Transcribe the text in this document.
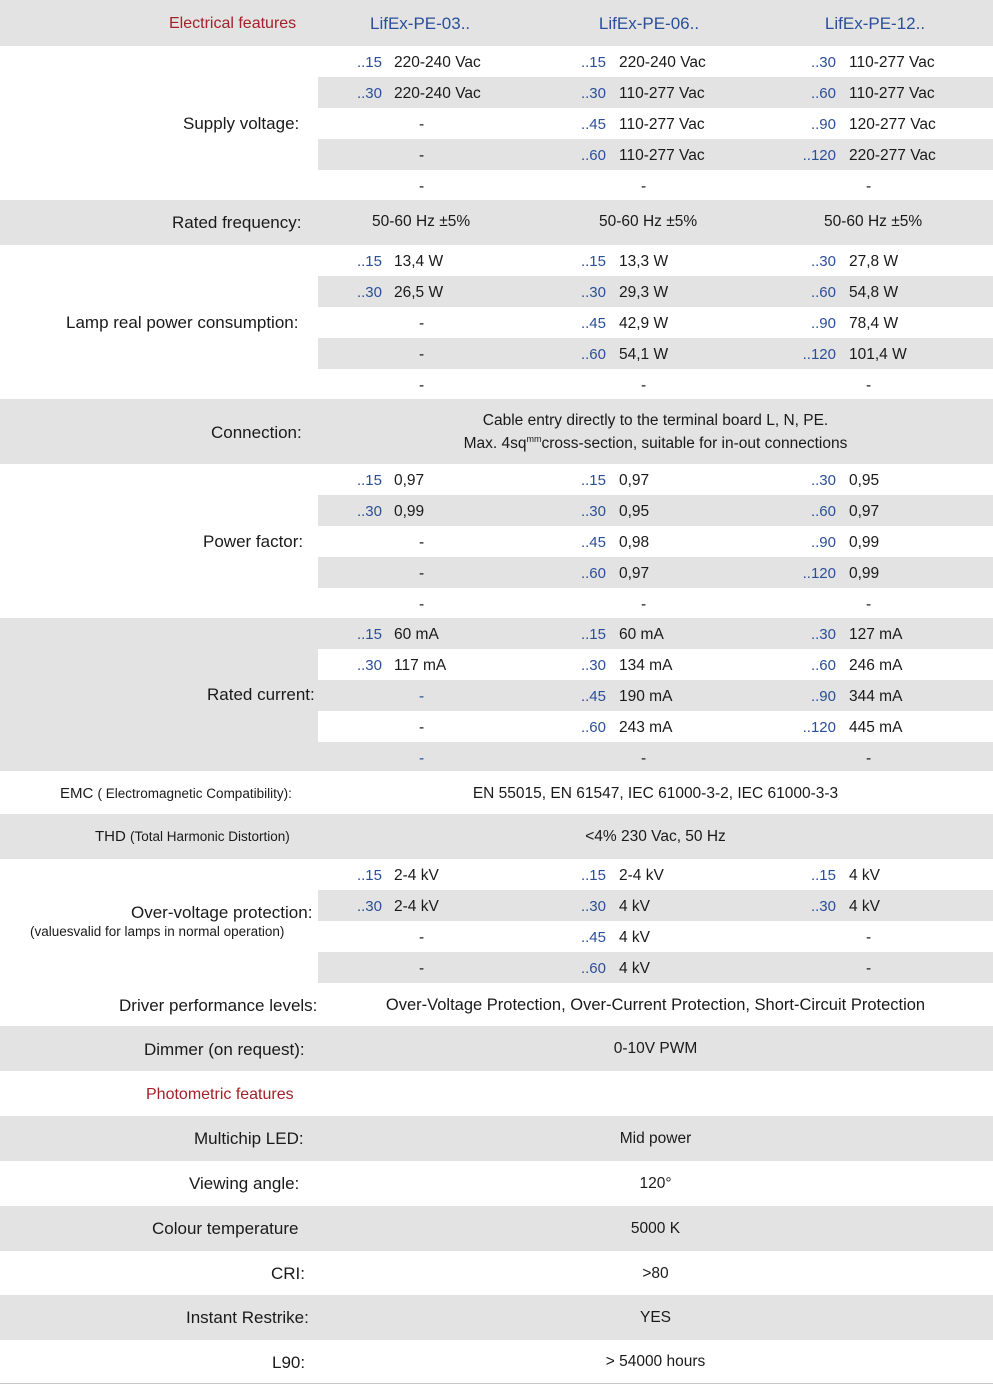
Electrical features	LifEx-PE-03..	LifEx-PE-06..	LifEx-PE-12..
Supply voltage:
..15 220-240 Vac	..15 220-240 Vac	..30 110-277 Vac
..30 220-240 Vac	..30 110-277 Vac	..60 110-277 Vac
-	..45 110-277 Vac	..90 120-277 Vac
-	..60 110-277 Vac	..120 220-277 Vac
-	-	-
Rated frequency:	50-60 Hz ±5%	50-60 Hz ±5%	50-60 Hz ±5%
Lamp real power consumption:
..15 13,4 W	..15 13,3 W	..30 27,8 W
..30 26,5 W	..30 29,3 W	..60 54,8 W
-	..45 42,9 W	..90 78,4 W
-	..60 54,1 W	..120 101,4 W
-	-	-
Connection:
Cable entry directly to the terminal board L, N, PE.
Max. $4sq^{mm}cross$-section, suitable for in-out connections
Power factor:
..15 0,97	..15 0,97	..30 0,95
..30 0,99	..30 0,95	..60 0,97
-	..45 0,98	..90 0,99
-	..60 0,97	..120 0,99
-	-	-
Rated current:
..15 60 mA	..15 60 mA	..30 127 mA
..30 117 mA	..30 134 mA	..60 246 mA
-	..45 190 mA	..90 344 mA
-	..60 243 mA	..120 445 mA
-	-	-
EMC ( Electromagnetic Compatibility):	EN 55015, EN 61547, IEC 61000-3-2, IEC 61000-3-3
THD (Total Harmonic Distortion)	<4% 230 Vac, 50 Hz
Over-voltage protection:
(valuesvalid for lamps in normal operation)
..15 2-4 kV	..15 2-4 kV	..15 4 kV
..30 2-4 kV	..30 4 kV	..30 4 kV
-	..45 4 kV	-
-	..60 4 kV	-
Driver performance levels:	Over-Voltage Protection, Over-Current Protection, Short-Circuit Protection
Dimmer (on request):	0-10V PWM
Photometric features
Multichip LED:	Mid power
Viewing angle:	120°
Colour temperature	5000 K
CRI:	>80
Instant Restrike:	YES
L90:	> 54000 hours
